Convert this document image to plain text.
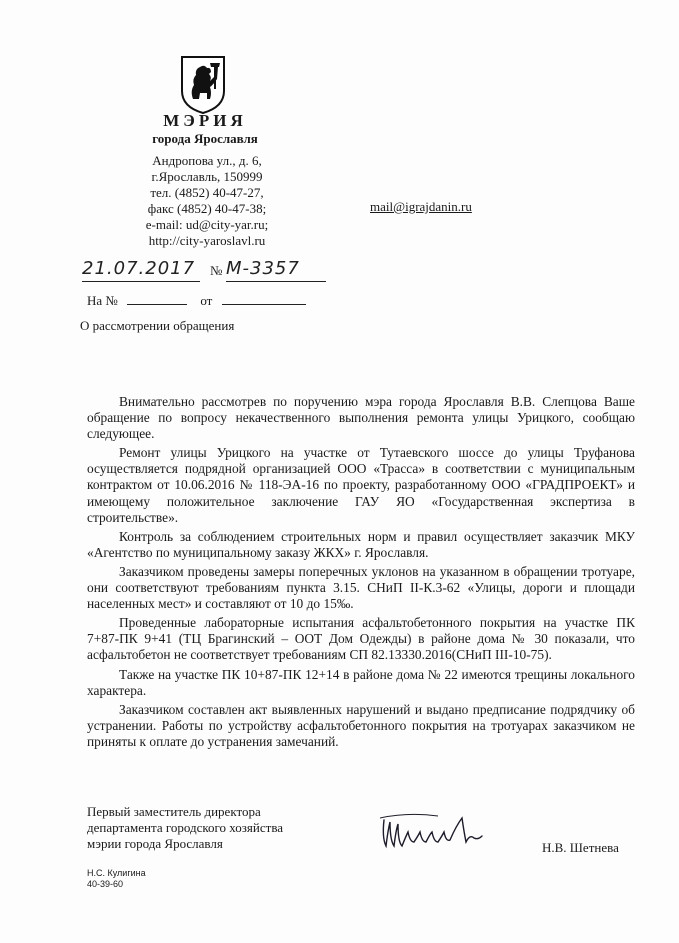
МЭРИЯ
города Ярославля
Андропова ул., д. 6,
г.Ярославль, 150999
тел. (4852) 40-47-27,
факс (4852) 40-47-38;
e-mail: ud@city-yar.ru;
http://city-yaroslavl.ru
mail@igrajdanin.ru
21.07.2017 № М-3357
На №	от
О рассмотрении обращения

Внимательно рассмотрев по поручению мэра города Ярославля В.В. Слепцова Ваше обращение по вопросу некачественного выполнения ремонта улицы Урицкого, сообщаю следующее.

Ремонт улицы Урицкого на участке от Тутаевского шоссе до улицы Труфанова осуществляется подрядной организацией ООО «Трасса» в соответствии с муниципальным контрактом от 10.06.2016 № 118-ЭА-16 по проекту, разработанному ООО «ГРАДПРОЕКТ» и имеющему положительное заключение ГАУ ЯО «Государственная экспертиза в строительстве».

Контроль за соблюдением строительных норм и правил осуществляет заказчик МКУ «Агентство по муниципальному заказу ЖКХ» г. Ярославля.

Заказчиком проведены замеры поперечных уклонов на указанном в обращении тротуаре, они соответствуют требованиям пункта 3.15. СНиП II-К.3-62 «Улицы, дороги и площади населенных мест» и составляют от 10 до 15‰.

Проведенные лабораторные испытания асфальтобетонного покрытия на участке ПК 7+87-ПК 9+41 (ТЦ Брагинский – ООТ Дом Одежды) в районе дома № 30 показали, что асфальтобетон не соответствует требованиям СП 82.13330.2016(СНиП III-10-75).

Также на участке ПК 10+87-ПК 12+14 в районе дома № 22 имеются трещины локального характера.

Заказчиком составлен акт выявленных нарушений и выдано предписание подрядчику об устранении. Работы по устройству асфальтобетонного покрытия на тротуарах заказчиком не приняты к оплате до устранения замечаний.

Первый заместитель директора
департамента городского хозяйства
мэрии города Ярославля	Н.В. Шетнева
Н.С. Кулигина
40-39-60
